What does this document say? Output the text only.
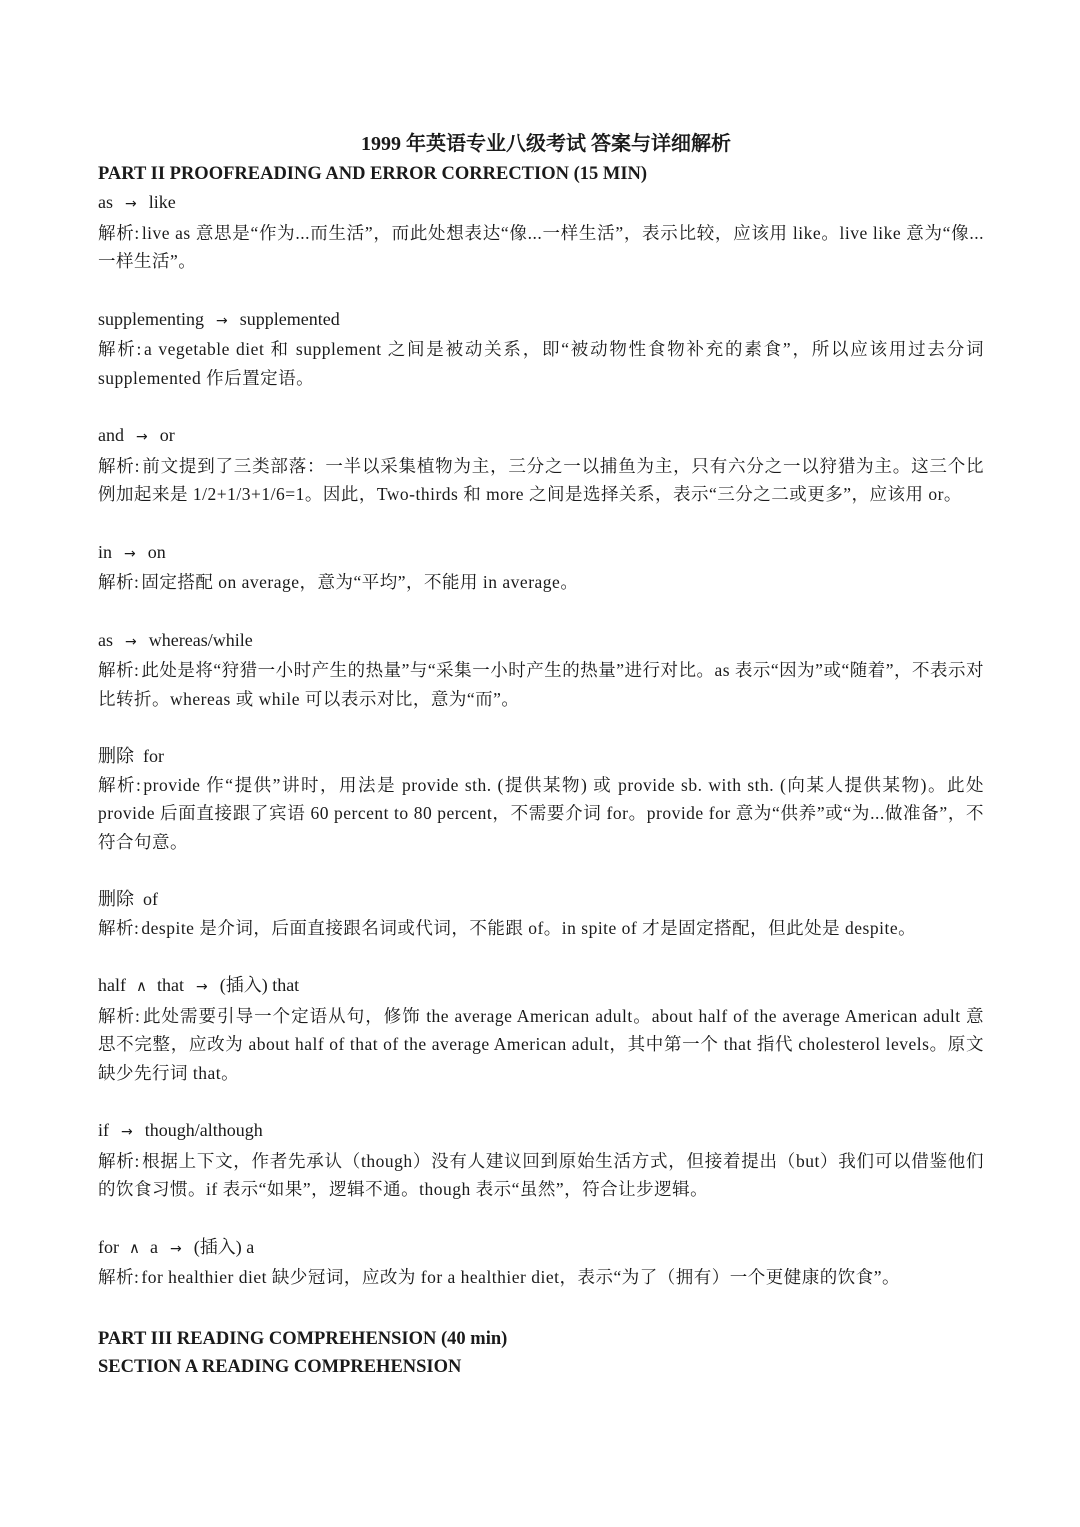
1999 年英语专业八级考试 答案与详细解析
PART II PROOFREADING AND ERROR CORRECTION (15 MIN)

as → like

解析: live as 意思是“作为...而生活”，而此处想表达“像...一样生活”，表示比较，应该用 like。live like 意为“像...一样生活”。

supplementing → supplemented

解析: a vegetable diet 和 supplement 之间是被动关系，即“被动物性食物补充的素食”，所以应该用过去分词 supplemented 作后置定语。

and → or

解析: 前文提到了三类部落：一半以采集植物为主，三分之一以捕鱼为主，只有六分之一以狩猎为主。这三个比例加起来是 1/2+1/3+1/6=1。因此，Two-thirds 和 more 之间是选择关系，表示“三分之二或更多”，应该用 or。

in → on

解析: 固定搭配 on average，意为“平均”，不能用 in average。

as → whereas/while

解析: 此处是将“狩猎一小时产生的热量”与“采集一小时产生的热量”进行对比。as 表示“因为”或“随着”，不表示对比转折。whereas 或 while 可以表示对比，意为“而”。

删除 for

解析: provide 作“提供”讲时，用法是 provide sth. (提供某物) 或 provide sb. with sth. (向某人提供某物)。此处 provide 后面直接跟了宾语 60 percent to 80 percent，不需要介词 for。provide for 意为“供养”或“为...做准备”，不符合句意。

删除 of

解析: despite 是介词，后面直接跟名词或代词，不能跟 of。in spite of 才是固定搭配，但此处是 despite。

half ∧ that → (插入) that

解析: 此处需要引导一个定语从句，修饰 the average American adult。about half of the average American adult 意思不完整，应改为 about half of that of the average American adult，其中第一个 that 指代 cholesterol levels。原文缺少先行词 that。

if → though/although

解析: 根据上下文，作者先承认（though）没有人建议回到原始生活方式，但接着提出（but）我们可以借鉴他们的饮食习惯。if 表示“如果”，逻辑不通。though 表示“虽然”，符合让步逻辑。

for ∧ a → (插入) a

解析: for healthier diet 缺少冠词，应改为 for a healthier diet，表示“为了（拥有）一个更健康的饮食”。

PART III READING COMPREHENSION (40 min)
SECTION A READING COMPREHENSION
